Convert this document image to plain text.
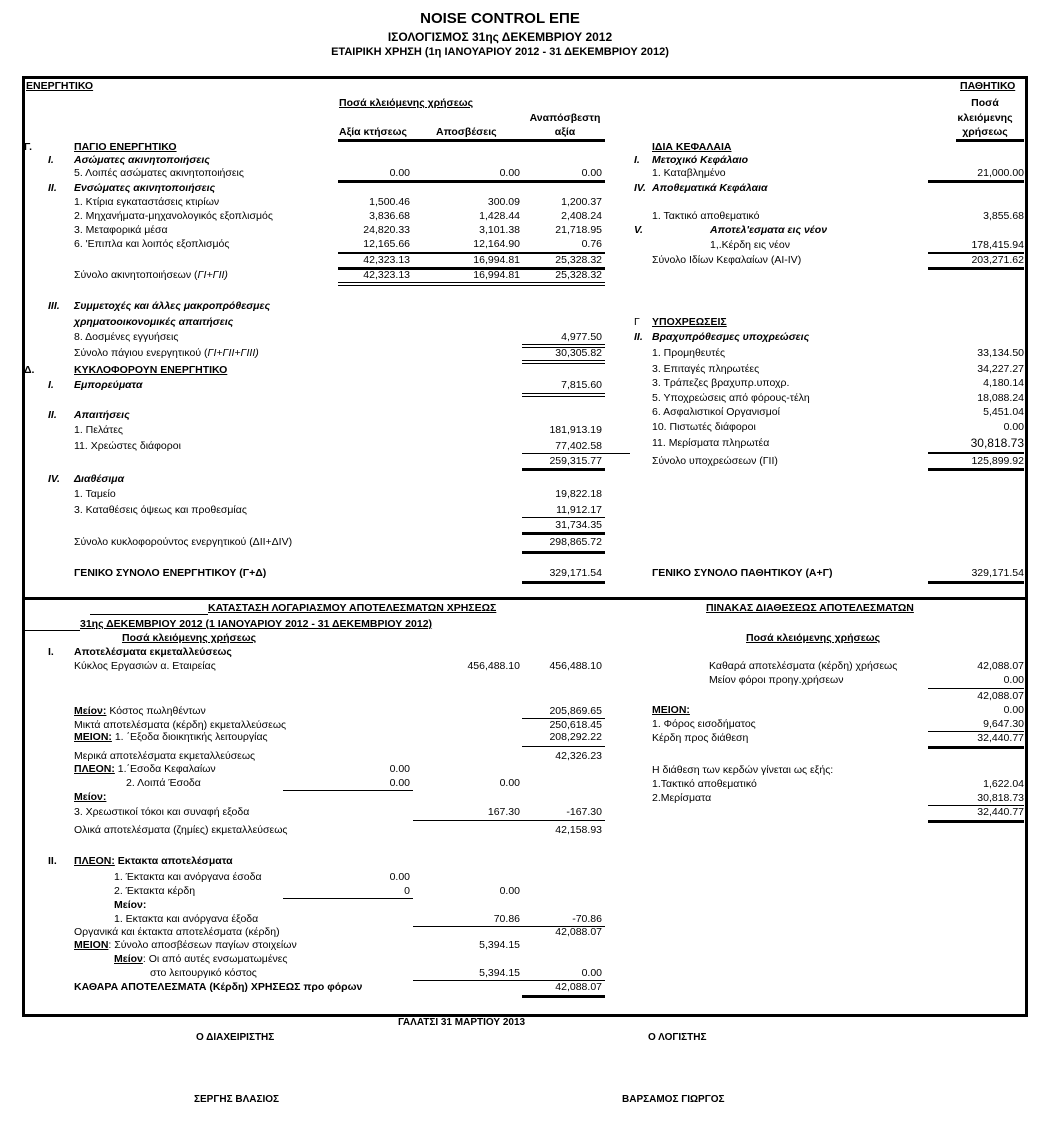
NOISE CONTROL ΕΠΕ
ΙΣΟΛΟΓΙΣΜΟΣ 31ης ΔΕΚΕΜΒΡΙΟΥ 2012
ΕΤΑΙΡΙΚΗ ΧΡΗΣΗ (1η ΙΑΝΟΥΑΡΙΟΥ 2012 - 31 ΔΕΚΕΜΒΡΙΟΥ 2012)
ΕΝΕΡΓΗΤΙΚΟ	ΠΑΘΗΤΙΚΟ
Ποσά κλειόμενης χρήσεως
Αναπόσβεστη
Αξία κτήσεως	Αποσβέσεις	αξία
Ποσά
κλειόμενης
χρήσεως
Γ.	ΠΑΓΙΟ ΕΝΕΡΓΗΤΙΚΟ
I. Ασώματες ακινητοποιήσεις
5. Λοιπές ασώματες ακινητοποιήσεις	0.00	0.00	0.00
II. Ενσώματες ακινητοποιήσεις
1. Κτίρια εγκαταστάσεις κτιρίων	1,500.46	300.09	1,200.37
2. Μηχανήματα-μηχανολογικός εξοπλισμός	3,836.68	1,428.44	2,408.24
3. Μεταφορικά μέσα	24,820.33	3,101.38	21,718.95
6. 'Επιπλα και λοιπός εξοπλισμός	12,165.66	12,164.90	0.76
42,323.13	16,994.81	25,328.32
Σύνολο ακινητοποιήσεων (ΓΙ+ΓΙΙ)	42,323.13	16,994.81	25,328.32
III. Συμμετοχές και άλλες μακροπρόθεσμες
χρηματοοικονομικές απαιτήσεις
8. Δοσμένες εγγυήσεις	4,977.50
Σύνολο πάγιου ενεργητικού (ΓΙ+ΓΙΙ+ΓΙΙΙ)	30,305.82
Δ.	ΚΥΚΛΟΦΟΡΟΥΝ ΕΝΕΡΓΗΤΙΚΟ
I. Εμπορεύματα	7,815.60
II. Απαιτήσεις
1. Πελάτες	181,913.19
11. Χρεώστες διάφοροι	77,402.58
259,315.77
IV. Διαθέσιμα
1. Ταμείο	19,822.18
3. Καταθέσεις όψεως και προθεσμίας	11,912.17
31,734.35
Σύνολο κυκλοφορούντος ενεργητικού (ΔΙΙ+ΔΙV)	298,865.72
ΓΕΝΙΚΟ ΣΥΝΟΛΟ ΕΝΕΡΓΗΤΙΚΟΥ (Γ+Δ)	329,171.54
ΙΔΙΑ ΚΕΦΑΛΑΙΑ
I. Μετοχικό Κεφάλαιο
1. Καταβλημένο	21,000.00
IV. Αποθεματικά Κεφάλαια
1. Τακτικό αποθεματικό	3,855.68
V.	Αποτελ'εσματα εις νέον
1,.Κέρδη εις νέον	178,415.94
Σύνολο Ιδίων Κεφαλαίων (ΑΙ-ΙV)	203,271.62
Γ ΥΠΟΧΡΕΩΣΕΙΣ
II. Βραχυπρόθεσμες υποχρεώσεις
1. Προμηθευτές	33,134.50
3. Επιταγές πληρωτέες	34,227.27
3. Τράπεζες βραχυπρ.υποχρ.	4,180.14
5. Υποχρεώσεις από φόρους-τέλη	18,088.24
6. Ασφαλιστικοί Οργανισμοί	5,451.04
10. Πιστωτές διάφοροι	0.00
11. Μερίσματα πληρωτέα	30,818.73
Σύνολο υποχρεώσεων (ΓΙΙ)	125,899.92
ΓΕΝΙΚΟ ΣΥΝΟΛΟ ΠΑΘΗΤΙΚΟΥ (Α+Γ)	329,171.54
ΚΑΤΑΣΤΑΣΗ ΛΟΓΑΡΙΑΣΜΟΥ ΑΠΟΤΕΛΕΣΜΑΤΩΝ ΧΡΗΣΕΩΣ
31ης ΔΕΚΕΜΒΡΙΟΥ 2012 (1 ΙΑΝΟΥΑΡΙΟΥ 2012 - 31 ΔΕΚΕΜΒΡΙΟΥ 2012)
Ποσά κλειόμενης χρήσεως
I. Αποτελέσματα εκμεταλλεύσεως
Κύκλος Εργασιών α. Εταιρείας	456,488.10	456,488.10
Μείον: Κόστος πωληθέντων	205,869.65
Μικτά αποτελέσματα (κέρδη) εκμεταλλεύσεως	250,618.45
ΜΕΙΟΝ: 1. ΄Εξοδα διοικητικής λειτουργίας	208,292.22
Μερικά αποτελέσματα εκμεταλλεύσεως	42,326.23
ΠΛΕΟΝ: 1.΄Εσοδα Κεφαλαίων	0.00
2. Λοιπά Έσοδα	0.00	0.00
Μείον:
3. Χρεωστικοί τόκοι και συναφή εξοδα	167.30	-167.30
Ολικά αποτελέσματα (ζημίες) εκμεταλλεύσεως	42,158.93
II. ΠΛΕΟΝ: Εκτακτα αποτελέσματα
1. Έκτακτα και ανόργανα έσοδα	0.00
2. Έκτακτα κέρδη	0	0.00
Μείον:
1. Εκτακτα και ανόργανα έξοδα	70.86	-70.86
Οργανικά και έκτακτα αποτελέσματα (κέρδη)	42,088.07
ΜΕΙΟΝ: Σύνολο αποσβέσεων παγίων στοιχείων	5,394.15
Μείον: Οι από αυτές ενσωματωμένες
στο λειτουργικό κόστος	5,394.15	0.00
ΚΑΘΑΡΑ ΑΠΟΤΕΛΕΣΜΑΤΑ (Κέρδη) ΧΡΗΣΕΩΣ προ φόρων	42,088.07
ΠΙΝΑΚΑΣ ΔΙΑΘΕΣΕΩΣ ΑΠΟΤΕΛΕΣΜΑΤΩΝ
Ποσά κλειόμενης χρήσεως
Καθαρά αποτελέσματα (κέρδη) χρήσεως	42,088.07
Μείον φόροι προηγ.χρήσεων	0.00
42,088.07
ΜΕΙΟΝ:	0.00
1. Φόρος εισοδήματος	9,647.30
Κέρδη προς διάθεση	32,440.77
Η διάθεση των κερδών γίνεται ως εξής:
1.Τακτικό αποθεματικό	1,622.04
2.Μερίσματα	30,818.73
32,440.77
ΓΑΛΑΤΣΙ 31 ΜΑΡΤΙΟΥ 2013
Ο ΔΙΑΧΕΙΡΙΣΤΗΣ	Ο ΛΟΓΙΣΤΗΣ
ΣΕΡΓΗΣ ΒΛΑΣΙΟΣ	ΒΑΡΣΑΜΟΣ ΓΙΩΡΓΟΣ
